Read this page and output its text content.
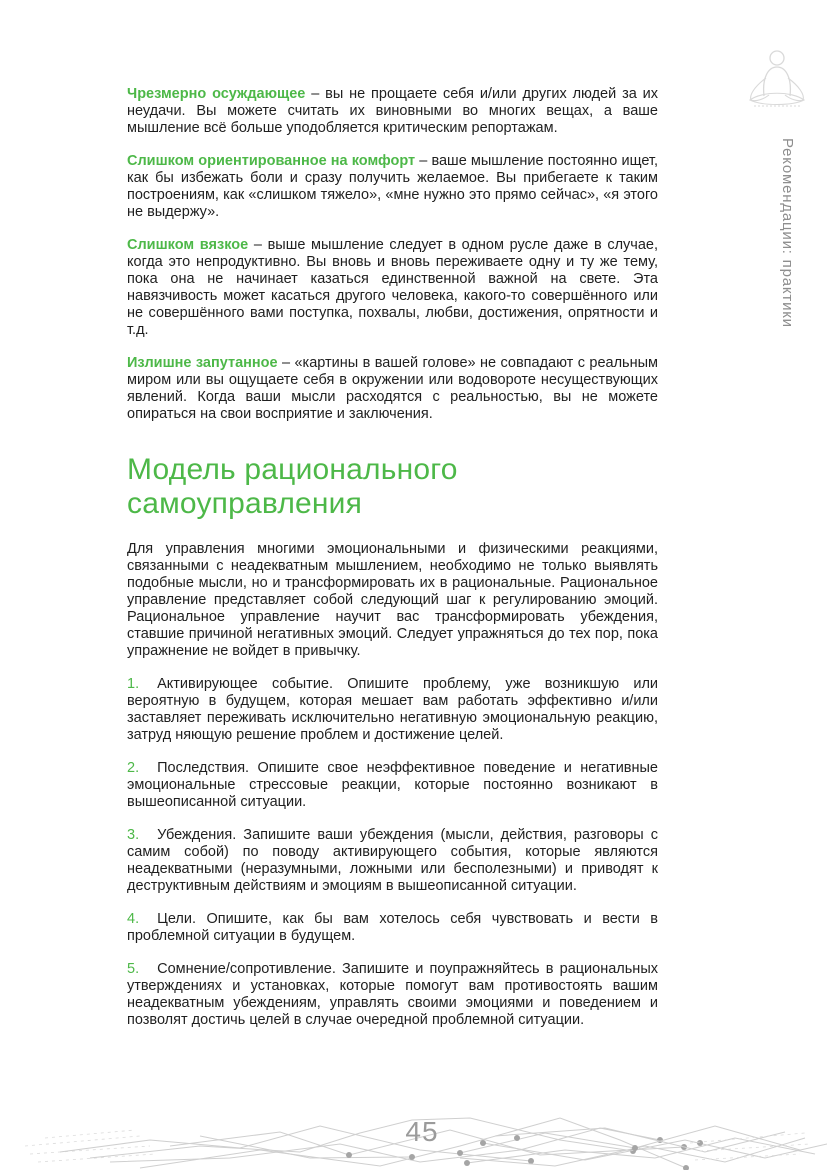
Рекомендации: практики

Чрезмерно осуждающее – вы не прощаете себя и/или других людей за их неудачи. Вы можете считать их виновными во многих вещах, а ваше мышление всё больше уподобляется критическим репортажам.

Слишком ориентированное на комфорт – ваше мышление постоянно ищет, как бы избежать боли и сразу получить желаемое. Вы прибегаете к таким построениям, как «слишком тяжело», «мне нужно это прямо сейчас», «я этого не выдержу».

Слишком вязкое – выше мышление следует в одном русле даже в случае, когда это непродуктивно. Вы вновь и вновь переживаете одну и ту же тему, пока она не начинает казаться единственной важной на свете. Эта навязчивость может касаться другого человека, какого-то совершённого или не совершённого вами поступка, похвалы, любви, достижения, опрятности и т.д.

Излишне запутанное – «картины в вашей голове» не совпадают с реальным миром или вы ощущаете себя в окружении или водовороте несуществующих явлений. Когда ваши мысли расходятся с реальностью, вы не можете опираться на свои восприятие и заключения.

Модель рационального самоуправления

Для управления многими эмоциональными и физическими реакциями, связанными с неадекватным мышлением, необходимо не только выявлять подобные мысли, но и трансформировать их в рациональные. Рациональное управление представляет собой следующий шаг к регулированию эмоций. Рациональное управление научит вас трансформировать убеждения, ставшие причиной негативных эмоций. Следует упражняться до тех пор, пока упражнение не войдет в привычку.

1. Активирующее событие. Опишите проблему, уже возникшую или вероятную в будущем, которая мешает вам работать эффективно и/или заставляет переживать исключительно негативную эмоциональную реакцию, затруд няющую решение проблем и достижение целей.

2. Последствия. Опишите свое неэффективное поведение и негативные эмоциональные стрессовые реакции, которые постоянно возникают в вышеописанной ситуации.

3. Убеждения. Запишите ваши убеждения (мысли, действия, разговоры с самим собой) по поводу активирующего события, которые являются неадекватными (неразумными, ложными или бесполезными) и приводят к деструктивным действиям и эмоциям в вышеописанной ситуации.

4. Цели. Опишите, как бы вам хотелось себя чувствовать и вести в проблемной ситуации в будущем.

5. Сомнение/сопротивление. Запишите и поупражняйтесь в рациональных утверждениях и установках, которые помогут вам противостоять вашим неадекватным убеждениям, управлять своими эмоциями и поведением и позволят достичь целей в случае очередной проблемной ситуации.

45
